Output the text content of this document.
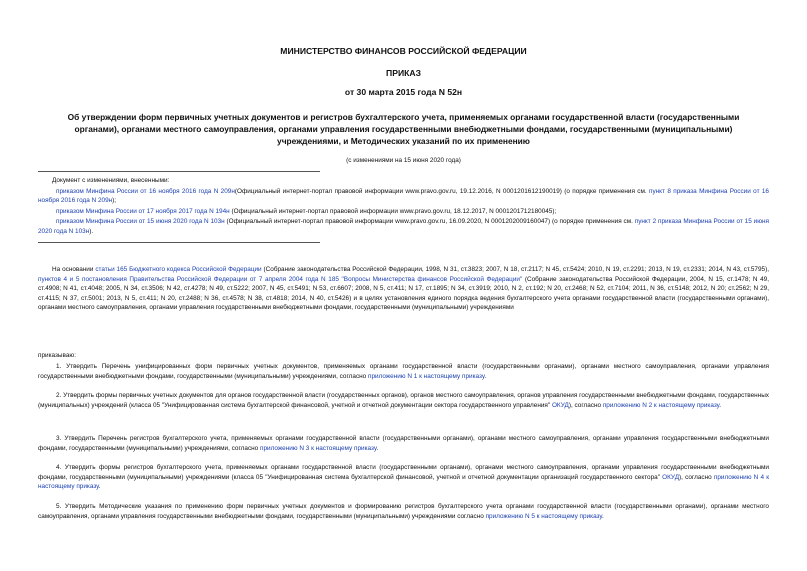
МИНИСТЕРСТВО ФИНАНСОВ РОССИЙСКОЙ ФЕДЕРАЦИИ
ПРИКАЗ
от 30 марта 2015 года N 52н
Об утверждении форм первичных учетных документов и регистров бухгалтерского учета, применяемых органами государственной власти (государственными органами), органами местного самоуправления, органами управления государственными внебюджетными фондами, государственными (муниципальными) учреждениями, и Методических указаний по их применению
(с изменениями на 15 июня 2020 года)
Документ с изменениями, внесенными:
приказом Минфина России от 16 ноября 2016 года N 209н(Официальный интернет-портал правовой информации www.pravo.gov.ru, 19.12.2016, N 0001201612190019) (о порядке применения см. пункт 8 приказа Минфина России от 16 ноября 2016 года N 209н);
приказом Минфина России от 17 ноября 2017 года N 194н (Официальный интернет-портал правовой информации www.pravo.gov.ru, 18.12.2017, N 0001201712180045);
приказом Минфина России от 15 июня 2020 года N 103н (Официальный интернет-портал правовой информации www.pravo.gov.ru, 16.09.2020, N 0001202009160047) (о порядке применения см. пункт 2 приказа Минфина России от 15 июня 2020 года N 103н).
На основании статьи 165 Бюджетного кодекса Российской Федерации (Собрание законодательства Российской Федерации, 1998, N 31, ст.3823; 2007, N 18, ст.2117; N 45, ст.5424; 2010, N 19, ст.2291; 2013, N 19, ст.2331; 2014, N 43, ст.5795), пунктов 4 и 5 постановления Правительства Российской Федерации от 7 апреля 2004 года N 185 "Вопросы Министерства финансов Российской Федерации" (Собрание законодательства Российской Федерации, 2004, N 15, ст.1478; N 49, ст.4908; N 41, ст.4048; 2005, N 34, ст.3506; N 42, ст.4278; N 49, ст.5222; 2007, N 45, ст.5491; N 53, ст.6607; 2008, N 5, ст.411; N 17, ст.1895; N 34, ст.3919; 2010, N 2, ст.192; N 20, ст.2468; N 52, ст.7104; 2011, N 36, ст.5148; 2012, N 20; ст.2562; N 29, ст.4115; N 37, ст.5001; 2013, N 5, ст.411; N 20, ст.2488; N 36, ст.4578; N 38, ст.4818; 2014, N 40, ст.5426) и в целях установления единого порядка ведения бухгалтерского учета органами государственной власти (государственными органами), органами местного самоуправления, органами управления государственными внебюджетными фондами, государственными (муниципальными) учреждениями
приказываю:
1. Утвердить Перечень унифицированных форм первичных учетных документов, применяемых органами государственной власти (государственными органами), органами местного самоуправления, органами управления государственными внебюджетными фондами, государственными (муниципальными) учреждениями, согласно приложению N 1 к настоящему приказу.
2. Утвердить формы первичных учетных документов для органов государственной власти (государственных органов), органов местного самоуправления, органов управления государственными внебюджетными фондами, государственных (муниципальных) учреждений (класса 05 "Унифицированная система бухгалтерской финансовой, учетной и отчетной документации сектора государственного управления" ОКУД), согласно приложению N 2 к настоящему приказу.
3. Утвердить Перечень регистров бухгалтерского учета, применяемых органами государственной власти (государственными органами), органами местного самоуправления, органами управления государственными внебюджетными фондами, государственными (муниципальными) учреждениями, согласно приложению N 3 к настоящему приказу.
4. Утвердить формы регистров бухгалтерского учета, применяемых органами государственной власти (государственными органами), органами местного самоуправления, органами управления государственными внебюджетными фондами, государственными (муниципальными) учреждениями (класса 05 "Унифицированная система бухгалтерской финансовой, учетной и отчетной документации организаций государственного сектора" ОКУД), согласно приложению N 4 к настоящему приказу.
5. Утвердить Методические указания по применению форм первичных учетных документов и формированию регистров бухгалтерского учета органами государственной власти (государственными органами), органами местного самоуправления, органами управления государственными внебюджетными фондами, государственными (муниципальными) учреждениями согласно приложению N 5 к настоящему приказу.
